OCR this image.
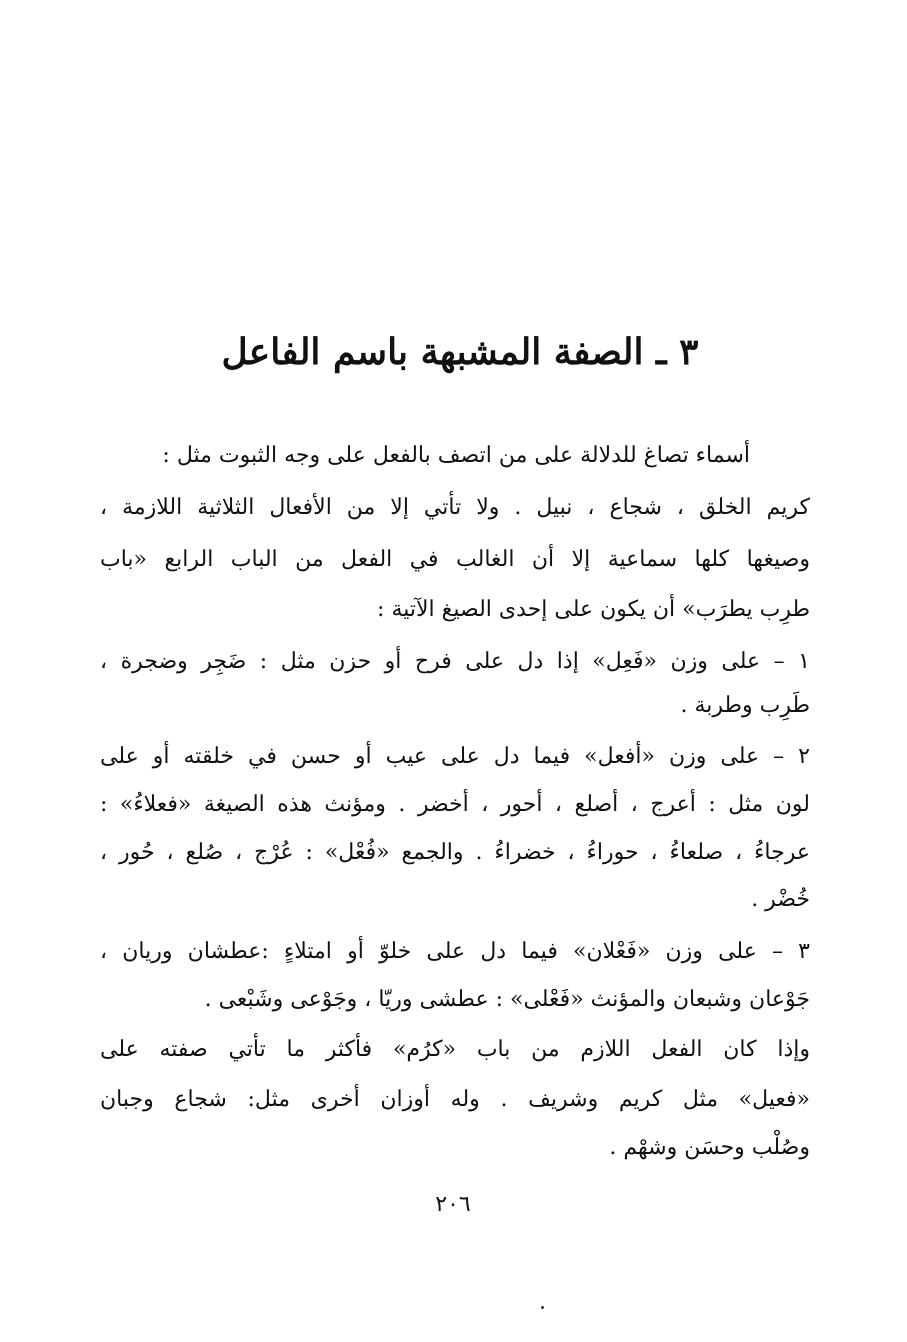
٣ ـ الصفة المشبهة باسم الفاعل
أسماء تصاغ للدلالة على من اتصف بالفعل على وجه الثبوت مثل :
كريم الخلق ، شجاع ، نبيل . ولا تأتي إلا من الأفعال الثلاثية اللازمة ،
وصيغها كلها سماعية إلا أن الغالب في الفعل من الباب الرابع «باب
طرِب يطرَب» أن يكون على إحدى الصيغ الآتية :
١ – على وزن «فَعِل» إذا دل على فرح أو حزن مثل : ضَجِر وضجرة ،
طَرِب وطربة .
٢ – على وزن «أفعل» فيما دل على عيب أو حسن في خلقته أو على
لون مثل : أعرج ، أصلع ، أحور ، أخضر . ومؤنث هذه الصيغة «فعلاءُ» :
عرجاءُ ، صلعاءُ ، حوراءُ ، خضراءُ . والجمع «فُعْل» : عُرْج ، صُلع ، حُور ،
خُضْر .
٣ – على وزن «فَعْلان» فيما دل على خلوّ أو امتلاءٍ :عطشان وريان ،
جَوْعان وشبعان والمؤنث «فَعْلى» : عطشى وريّا ، وجَوْعى وشَبْعى .
وإذا كان الفعل اللازم من باب «كرُم» فأكثر ما تأتي صفته على
«فعيل» مثل كريم وشريف . وله أوزان أخرى مثل: شجاع وجبان
وصُلْب وحسَن وشهْم .
٢٠٦
